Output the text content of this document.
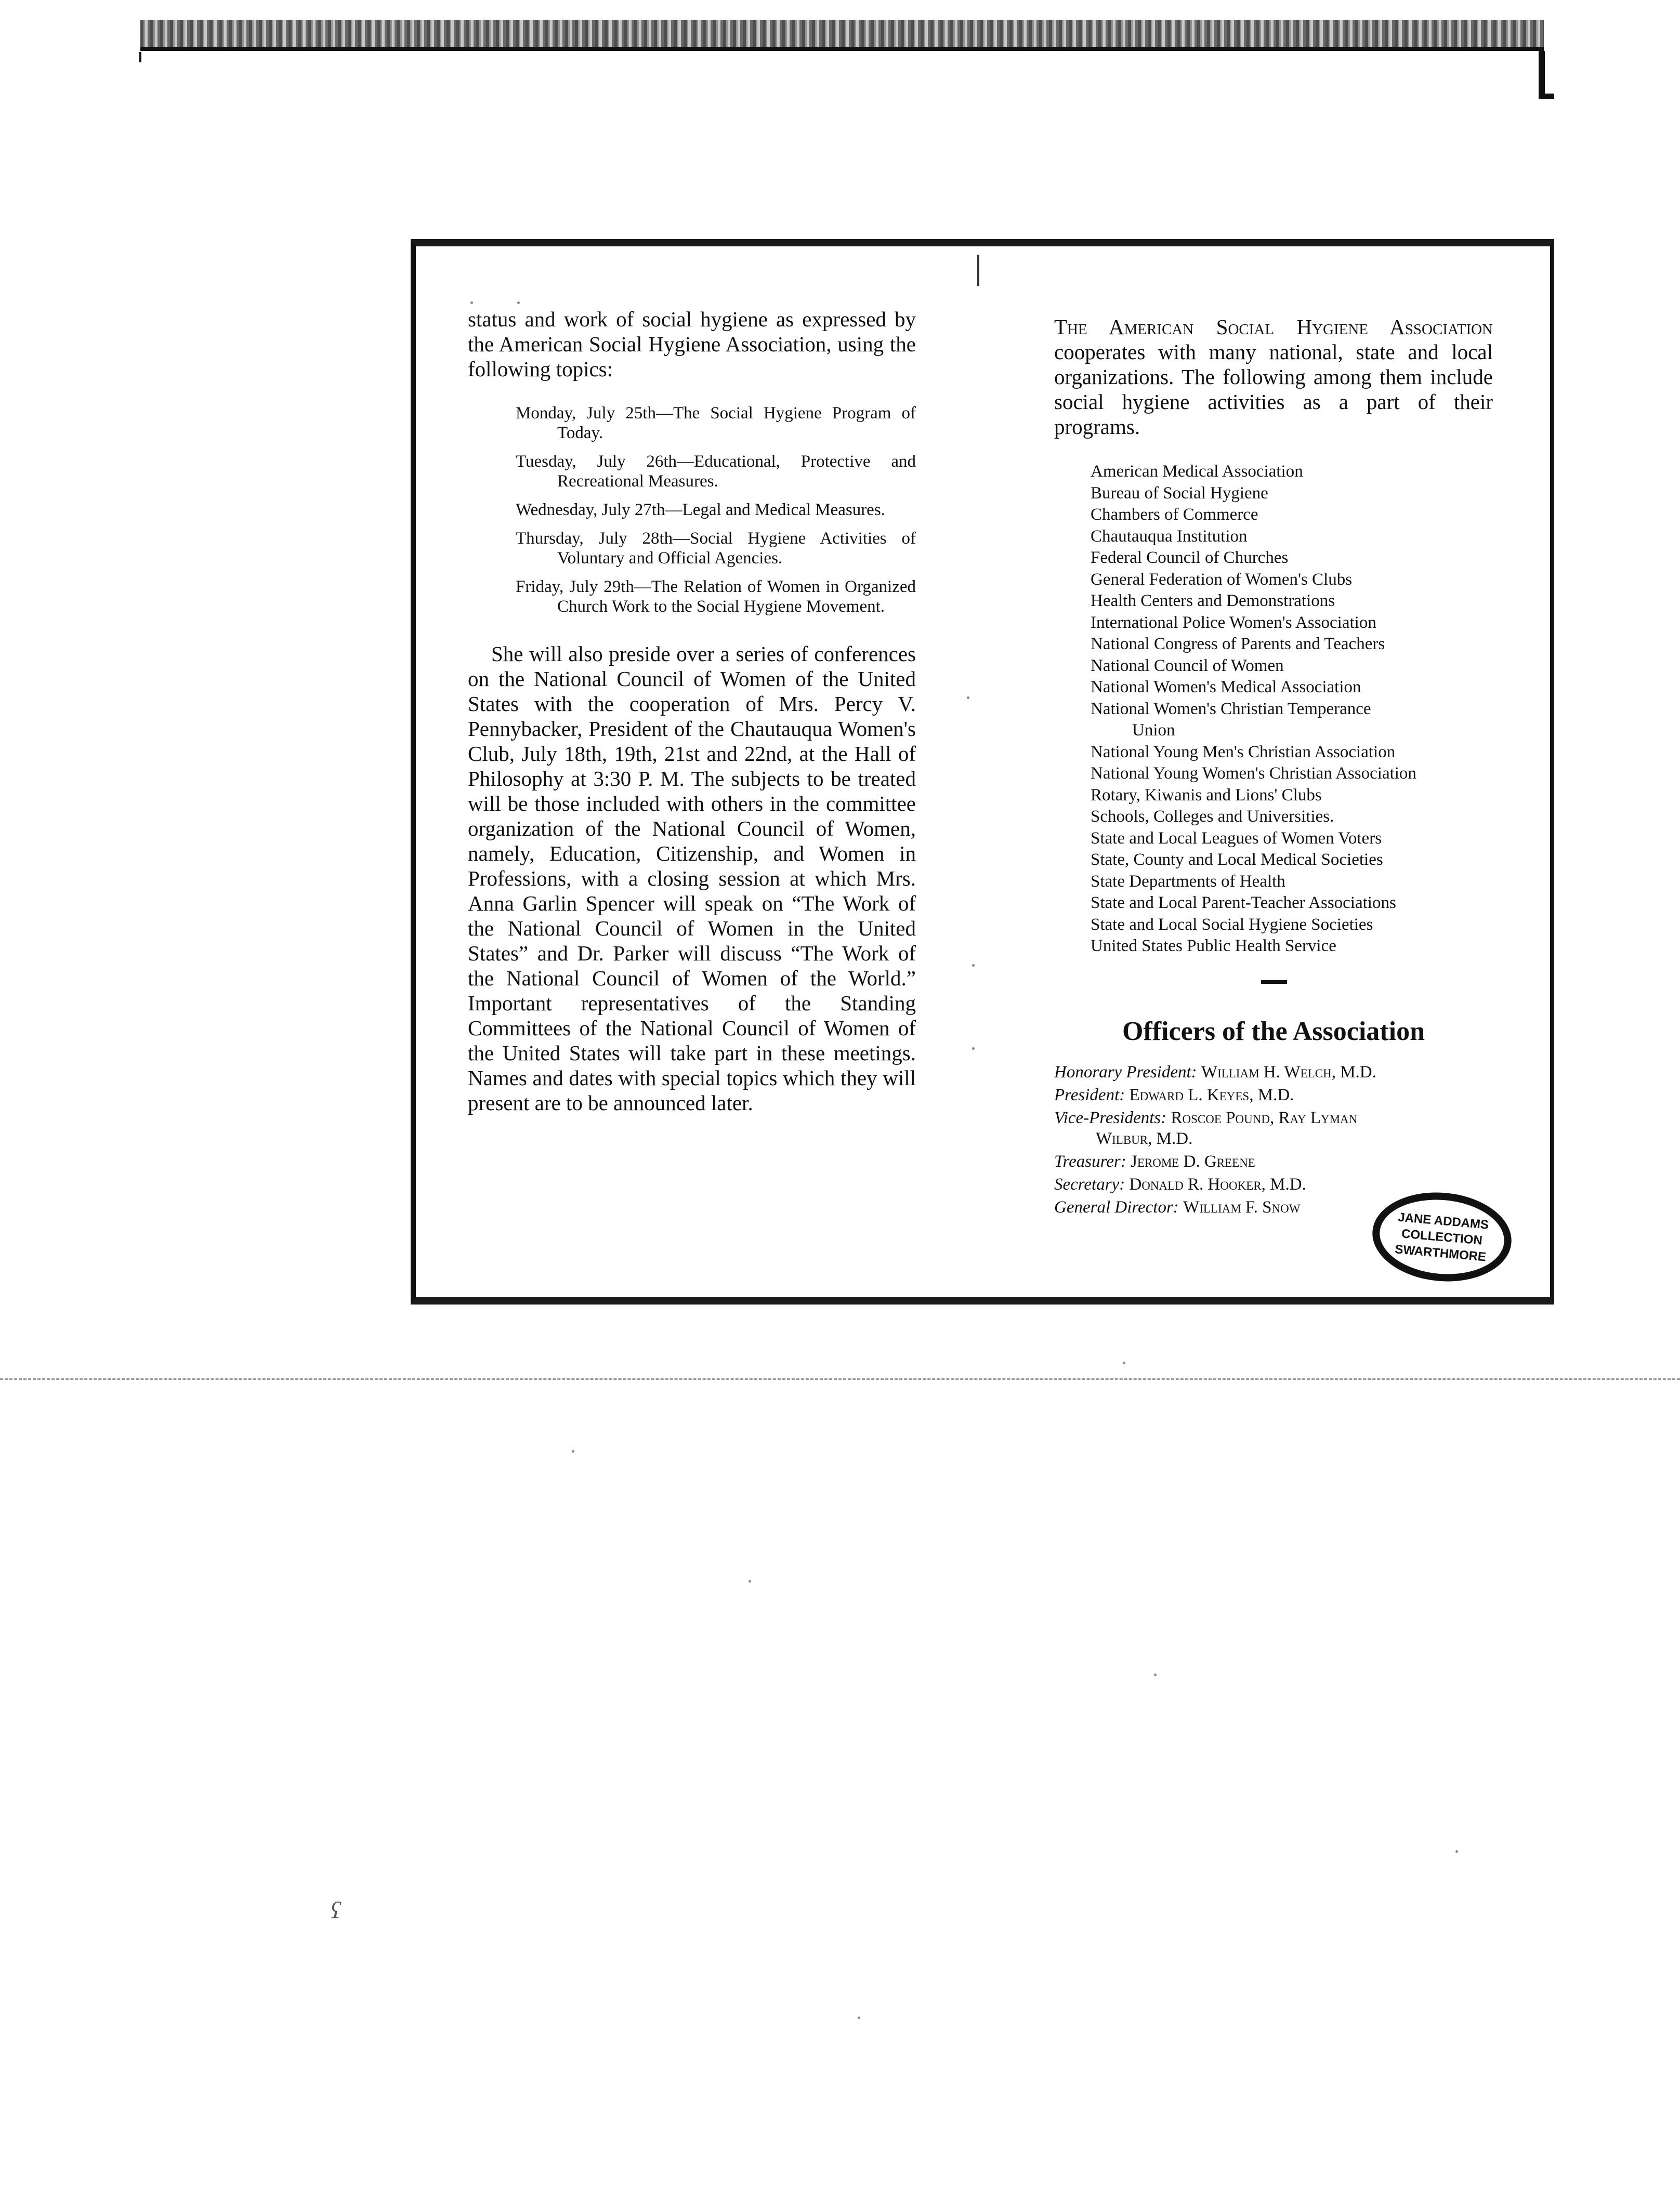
status and work of social hygiene as expressed by the American Social Hygiene Association, using the following topics:

Monday, July 25th—The Social Hygiene Program of Today.

Tuesday, July 26th—Educational, Protective and Recreational Measures.

Wednesday, July 27th—Legal and Medical Measures.

Thursday, July 28th—Social Hygiene Activities of Voluntary and Official Agencies.

Friday, July 29th—The Relation of Women in Organized Church Work to the Social Hygiene Movement.

She will also preside over a series of conferences on the National Council of Women of the United States with the cooperation of Mrs. Percy V. Pennybacker, President of the Chautauqua Women's Club, July 18th, 19th, 21st and 22nd, at the Hall of Philosophy at 3:30 P. M. The subjects to be treated will be those included with others in the committee organization of the National Council of Women, namely, Education, Citizenship, and Women in Professions, with a closing session at which Mrs. Anna Garlin Spencer will speak on “The Work of the National Council of Women in the United States” and Dr. Parker will discuss “The Work of the National Council of Women of the World.” Important representatives of the Standing Committees of the National Council of Women of the United States will take part in these meetings. Names and dates with special topics which they will present are to be announced later.

The American Social Hygiene Association cooperates with many national, state and local organizations. The following among them include social hygiene activities as a part of their programs.

American Medical Association

Bureau of Social Hygiene

Chambers of Commerce

Chautauqua Institution

Federal Council of Churches

General Federation of Women's Clubs

Health Centers and Demonstrations

International Police Women's Association

National Congress of Parents and Teachers

National Council of Women

National Women's Medical Association

National Women's Christian Temperance

Union

National Young Men's Christian Association

National Young Women's Christian Association

Rotary, Kiwanis and Lions' Clubs

Schools, Colleges and Universities.

State and Local Leagues of Women Voters

State, County and Local Medical Societies

State Departments of Health

State and Local Parent-Teacher Associations

State and Local Social Hygiene Societies

United States Public Health Service

Officers of the Association

Honorary President: William H. Welch, M.D.

President: Edward L. Keyes, M.D.

Vice-Presidents: Roscoe Pound, Ray Lyman
Wilbur, M.D.

Treasurer: Jerome D. Greene

Secretary: Donald R. Hooker, M.D.

General Director: William F. Snow

JANE ADDAMS
COLLECTION
SWARTHMORE
ʕ
